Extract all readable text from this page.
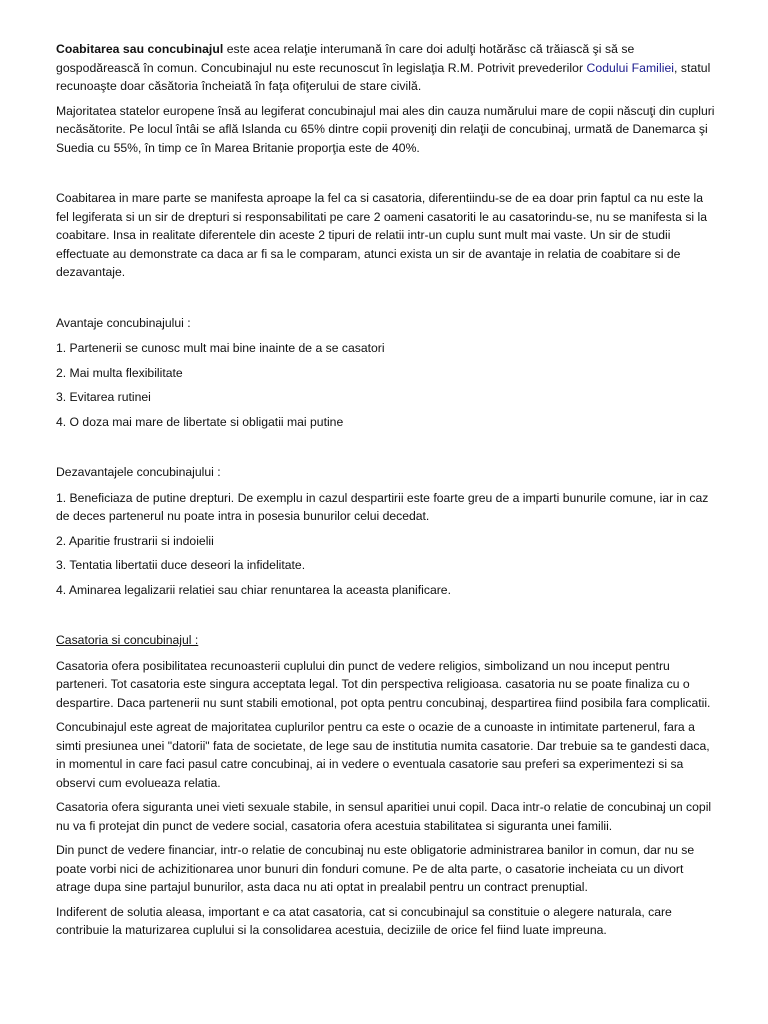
Coabitarea sau concubinajul este acea relaţie interumană în care doi adulţi hotărăsc că trăiască şi să se gospodărească în comun. Concubinajul nu este recunoscut în legislaţia R.M. Potrivit prevederilor Codului Familiei, statul recunoaşte doar căsătoria încheiată în faţa ofiţerului de stare civilă.

Majoritatea statelor europene însă au legiferat concubinajul mai ales din cauza numărului mare de copii născuţi din cupluri necăsătorite. Pe locul întâi se află Islanda cu 65% dintre copii proveniţi din relaţii de concubinaj, urmată de Danemarca şi Suedia cu 55%, în timp ce în Marea Britanie proporţia este de 40%.

Coabitarea in mare parte se manifesta aproape la fel ca si casatoria, diferentiindu-se de ea doar prin faptul ca nu este la fel legiferata si un sir de drepturi si responsabilitati pe care 2 oameni casatoriti le au casatorindu-se, nu se manifesta si la coabitare. Insa in realitate diferentele din aceste 2 tipuri de relatii intr-un cuplu sunt mult mai vaste. Un sir de studii effectuate au demonstrate ca daca ar fi sa le comparam, atunci exista un sir de avantaje in relatia de coabitare si de dezavantaje.

Avantaje concubinajului :

1. Partenerii se cunosc mult mai bine inainte de a se casatori

2. Mai multa flexibilitate

3. Evitarea rutinei

4. O doza mai mare de libertate si obligatii mai putine

Dezavantajele concubinajului :

1. Beneficiaza de putine drepturi. De exemplu in cazul despartirii este foarte greu de a imparti bunurile comune, iar in caz de deces partenerul nu poate intra in posesia bunurilor celui decedat.

2. Aparitie frustrarii si indoielii

3. Tentatia libertatii duce deseori la infidelitate.

4. Aminarea legalizarii relatiei sau chiar renuntarea la aceasta planificare.

Casatoria si concubinajul :

Casatoria ofera posibilitatea recunoasterii cuplului din punct de vedere religios, simbolizand un nou inceput pentru parteneri. Tot casatoria este singura acceptata legal. Tot din perspectiva religioasa. casatoria nu se poate finaliza cu o despartire. Daca partenerii nu sunt stabili emotional, pot opta pentru concubinaj, despartirea fiind posibila fara complicatii.

Concubinajul este agreat de majoritatea cuplurilor pentru ca este o ocazie de a cunoaste in intimitate partenerul, fara a simti presiunea unei "datorii" fata de societate, de lege sau de institutia numita casatorie. Dar trebuie sa te gandesti daca, in momentul in care faci pasul catre concubinaj, ai in vedere o eventuala casatorie sau preferi sa experimentezi si sa observi cum evolueaza relatia.

Casatoria ofera siguranta unei vieti sexuale stabile, in sensul aparitiei unui copil. Daca intr-o relatie de concubinaj un copil nu va fi protejat din punct de vedere social, casatoria ofera acestuia stabilitatea si siguranta unei familii.

Din punct de vedere financiar, intr-o relatie de concubinaj nu este obligatorie administrarea banilor in comun, dar nu se poate vorbi nici de achizitionarea unor bunuri din fonduri comune. Pe de alta parte, o casatorie incheiata cu un divort atrage dupa sine partajul bunurilor, asta daca nu ati optat in prealabil pentru un contract prenuptial.

Indiferent de solutia aleasa, important e ca atat casatoria, cat si concubinajul sa constituie o alegere naturala, care contribuie la maturizarea cuplului si la consolidarea acestuia, deciziile de orice fel fiind luate impreuna.
